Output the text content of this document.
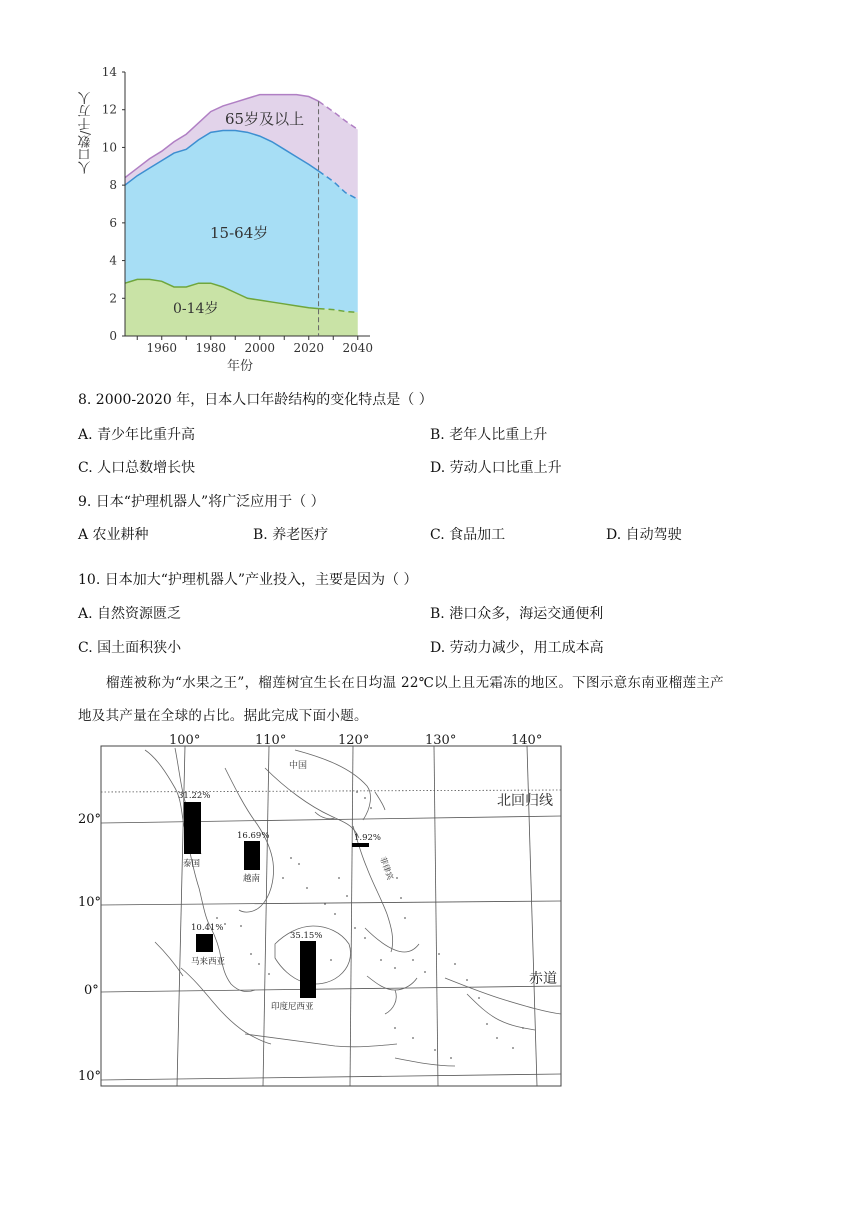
0
2
4
6
8
10
12
14
1960 1980 2000 2020 2040
65岁及以上
15-64岁
0-14岁
人口数/千万人
年份
8. 2000-2020 年，日本人口年龄结构的变化特点是（ ）
A. 青少年比重升高	B. 老年人比重上升
C. 人口总数增长快	D. 劳动人口比重上升
9. 日本“护理机器人”将广泛应用于（ ）
A 农业耕种	B. 养老医疗	C. 食品加工	D. 自动驾驶
10. 日本加大“护理机器人”产业投入，主要是因为（ ）
A. 自然资源匮乏	B. 港口众多，海运交通便利
C. 国土面积狭小	D. 劳动力减少，用工成本高
榴莲被称为“水果之王”，榴莲树宜生长在日均温 22℃以上且无霜冻的地区。下图示意东南亚榴莲主产
地及其产量在全球的占比。据此完成下面小题。
31.22%
泰国
16.69%
越南
1.92%
菲律宾
10.41%
马来西亚
35.15%
印度尼西亚
中国
北回归线
赤道
100°	110°	120°	130°	140°
20°
10°
0°
10°
